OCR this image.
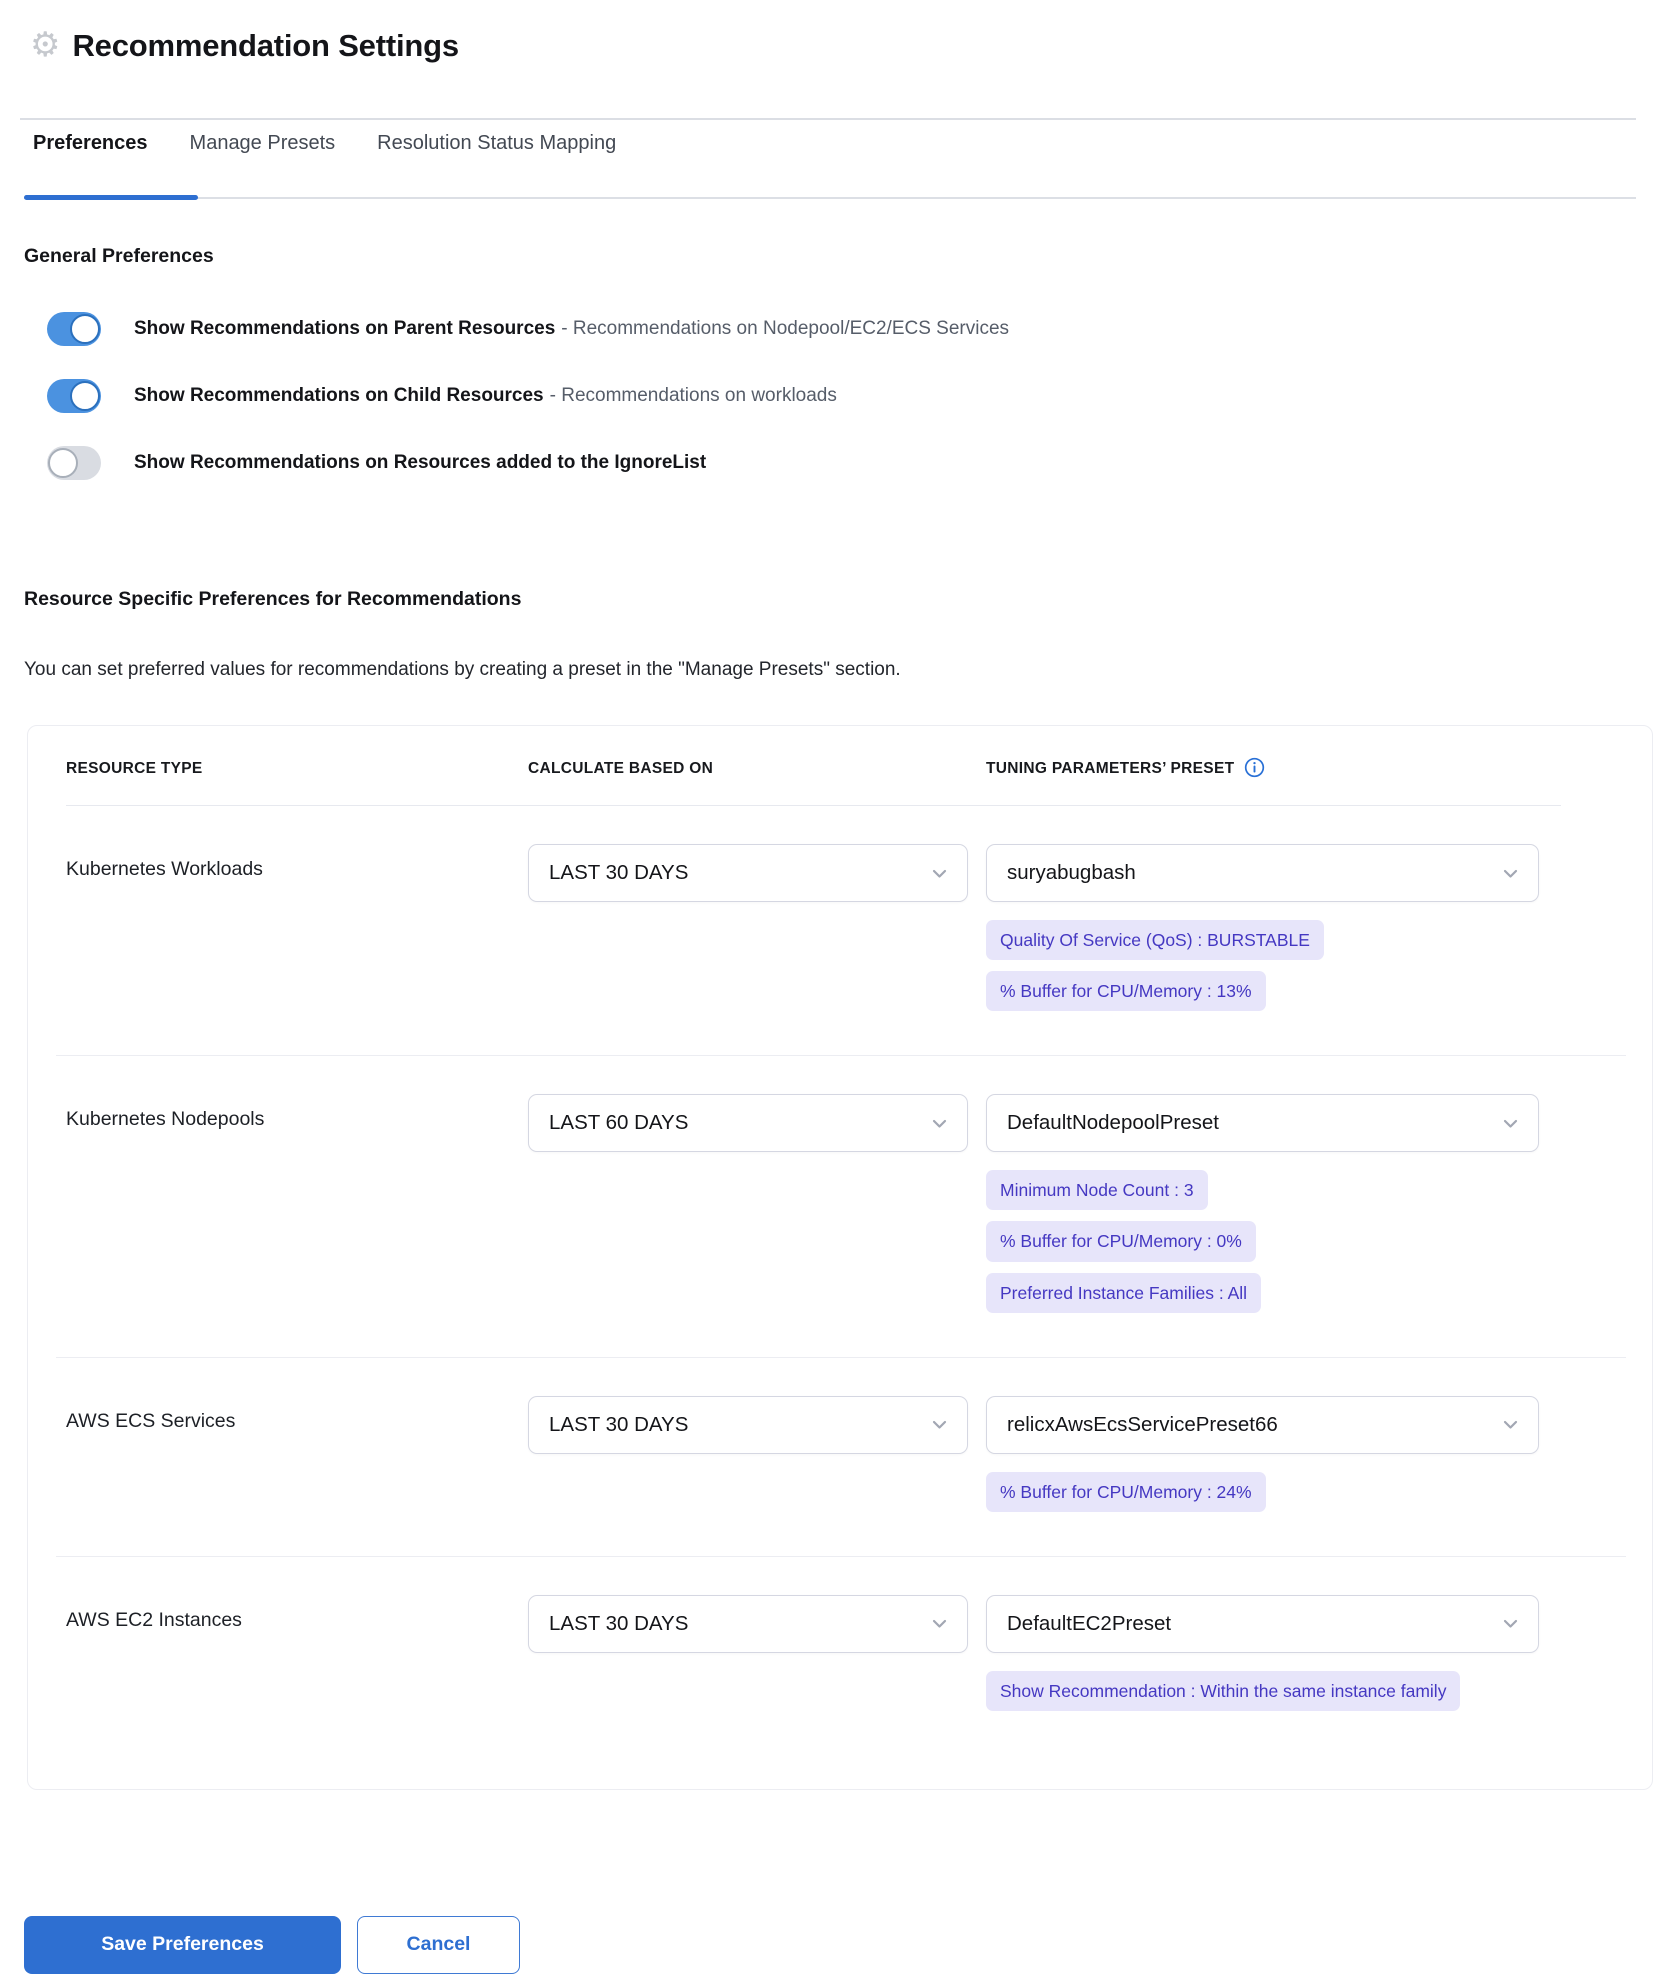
⚙ Recommendation Settings
Preferences Manage Presets Resolution Status Mapping
General Preferences
Show Recommendations on Parent Resources - Recommendations on Nodepool/EC2/ECS Services
Show Recommendations on Child Resources - Recommendations on workloads
Show Recommendations on Resources added to the IgnoreList
Resource Specific Preferences for Recommendations

You can set preferred values for recommendations by creating a preset in the "Manage Presets" section.

RESOURCE TYPE	CALCULATE BASED ON	TUNING PARAMETERS’ PRESET
Kubernetes Workloads	LAST 30 DAYS	suryabugbash
Quality Of Service (QoS) : BURSTABLE
% Buffer for CPU/Memory : 13%
Kubernetes Nodepools	LAST 60 DAYS	DefaultNodepoolPreset
Minimum Node Count : 3
% Buffer for CPU/Memory : 0%
Preferred Instance Families : All
AWS ECS Services	LAST 30 DAYS	relicxAwsEcsServicePreset66
% Buffer for CPU/Memory : 24%
AWS EC2 Instances	LAST 30 DAYS	DefaultEC2Preset
Show Recommendation : Within the same instance family
Save Preferences	Cancel
